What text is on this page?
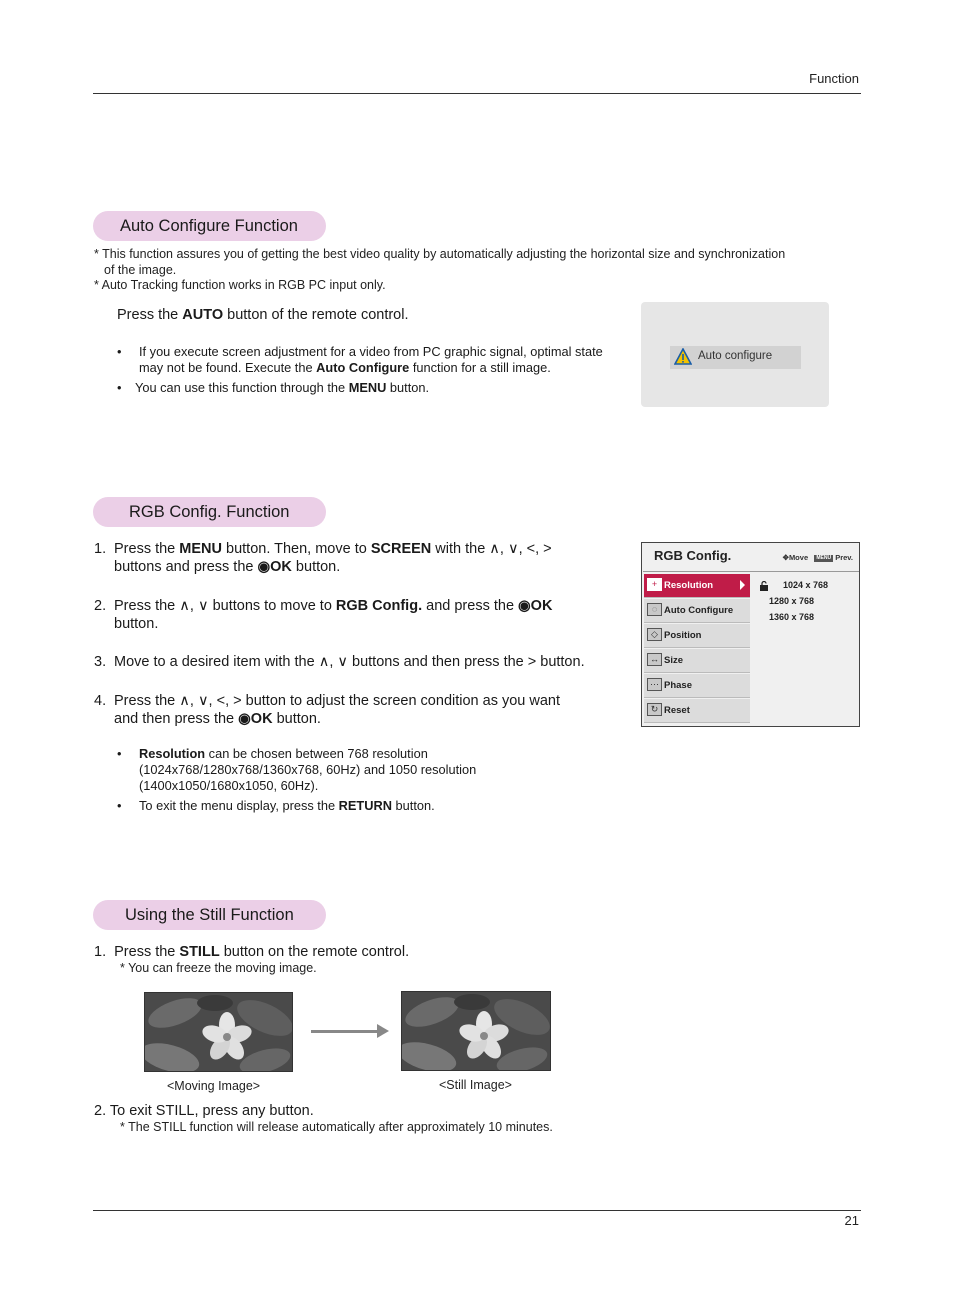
Function
Auto Configure Function
* This function assures you of getting the best video quality by automatically adjusting the horizontal size and synchronization
of the image.
* Auto Tracking function works in RGB PC input only.
Press the AUTO button of the remote control.
• If you execute screen adjustment for a video from PC graphic signal, optimal state
may not be found. Execute the Auto Configure function for a still image.
•	You can use this function through the MENU button.
Auto configure
RGB Config. Function
1. Press the MENU button. Then, move to SCREEN with the ∧, ∨, <, >
buttons and press the ◉OK button.
2. Press the ∧, ∨ buttons to move to RGB Config. and press the ◉OK
button.
3. Move to a desired item with the ∧, ∨ buttons and then press the > button.
4. Press the ∧, ∨, <, > button to adjust the screen condition as you want
and then press the ◉OK button.
• Resolution can be chosen between 768 resolution
(1024x768/1280x768/1360x768, 60Hz) and 1050 resolution
(1400x1050/1680x1050, 60Hz).
•	To exit the menu display, press the RETURN button.
RGB Config.	✥Move MENU Prev.
+ Resolution
◌ Auto Configure
◇ Position
↔ Size
⋯ Phase
↻ Reset
1024 x 768
1280 x 768
1360 x 768
Using the Still Function
1. Press the STILL button on the remote control.
* You can freeze the moving image.
<Moving Image>	<Still Image>
2. To exit STILL, press any button.
* The STILL function will release automatically after approximately 10 minutes.
21
